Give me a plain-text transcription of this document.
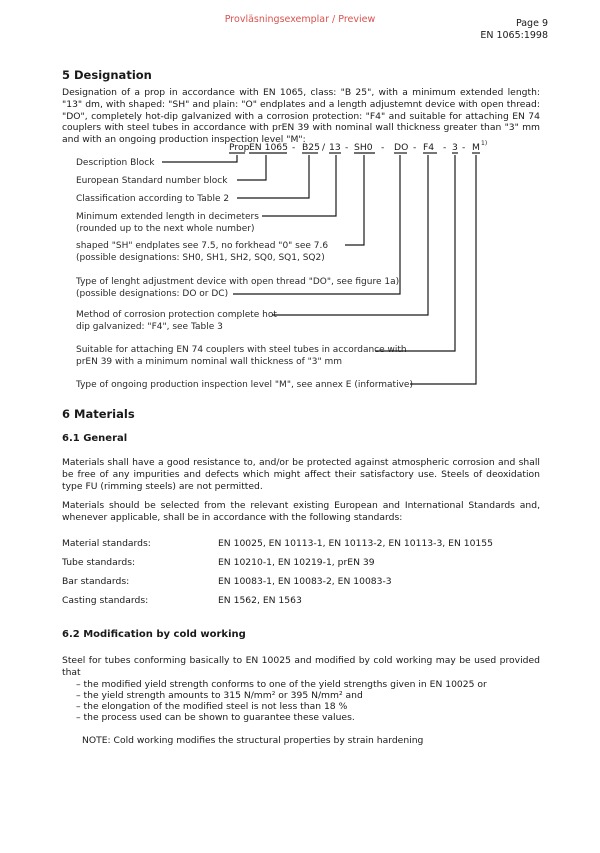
Provläsningsexemplar / Preview	Page 9
EN 1065:1998
5 Designation

Designation of a prop in accordance with EN 1065, class: "B 25", with a minimum extended length: "13" dm, with shaped: "SH" and plain: "O" endplates and a length adjustemnt device with open thread: "DO", completely hot-dip galvanized with a corrosion protection: "F4" and suitable for attaching EN 74 couplers with steel tubes in accordance with prEN 39 with nominal wall thickness greater than "3" mm and with an ongoing production inspection level "M":

Prop EN 1065 - B25 / 13 - SH0 - DO - F4 - 3 - M 1)
Description Block
European Standard number block
Classification according to Table 2
Minimum extended length in decimeters
(rounded up to the next whole number)
shaped "SH" endplates see 7.5, no forkhead "0" see 7.6
(possible designations: SH0, SH1, SH2, SQ0, SQ1, SQ2)
Type of lenght adjustment device with open thread "DO", see figure 1a)
(possible designations: DO or DC)
Method of corrosion protection complete hot
dip galvanized: "F4", see Table 3
Suitable for attaching EN 74 couplers with steel tubes in accordance with
prEN 39 with a minimum nominal wall thickness of "3" mm
Type of ongoing production inspection level "M", see annex E (informative)
6 Materials
6.1 General

Materials shall have a good resistance to, and/or be protected against atmospheric corrosion and shall be free of any impurities and defects which might affect their satisfactory use. Steels of deoxidation type FU (rimming steels) are not permitted.

Materials should be selected from the relevant existing European and International Standards and, whenever applicable, shall be in accordance with the following standards:

Material standards:	EN 10025, EN 10113-1, EN 10113-2, EN 10113-3, EN 10155
Tube standards:	EN 10210-1, EN 10219-1, prEN 39
Bar standards:	EN 10083-1, EN 10083-2, EN 10083-3
Casting standards:	EN 1562, EN 1563
6.2 Modification by cold working

Steel for tubes conforming basically to EN 10025 and modified by cold working may be used provided that

– the modified yield strength conforms to one of the yield strengths given in EN 10025 or
– the yield strength amounts to 315 N/mm² or 395 N/mm² and
– the elongation of the modified steel is not less than 18 %
– the process used can be shown to guarantee these values.
NOTE: Cold working modifies the structural properties by strain hardening
